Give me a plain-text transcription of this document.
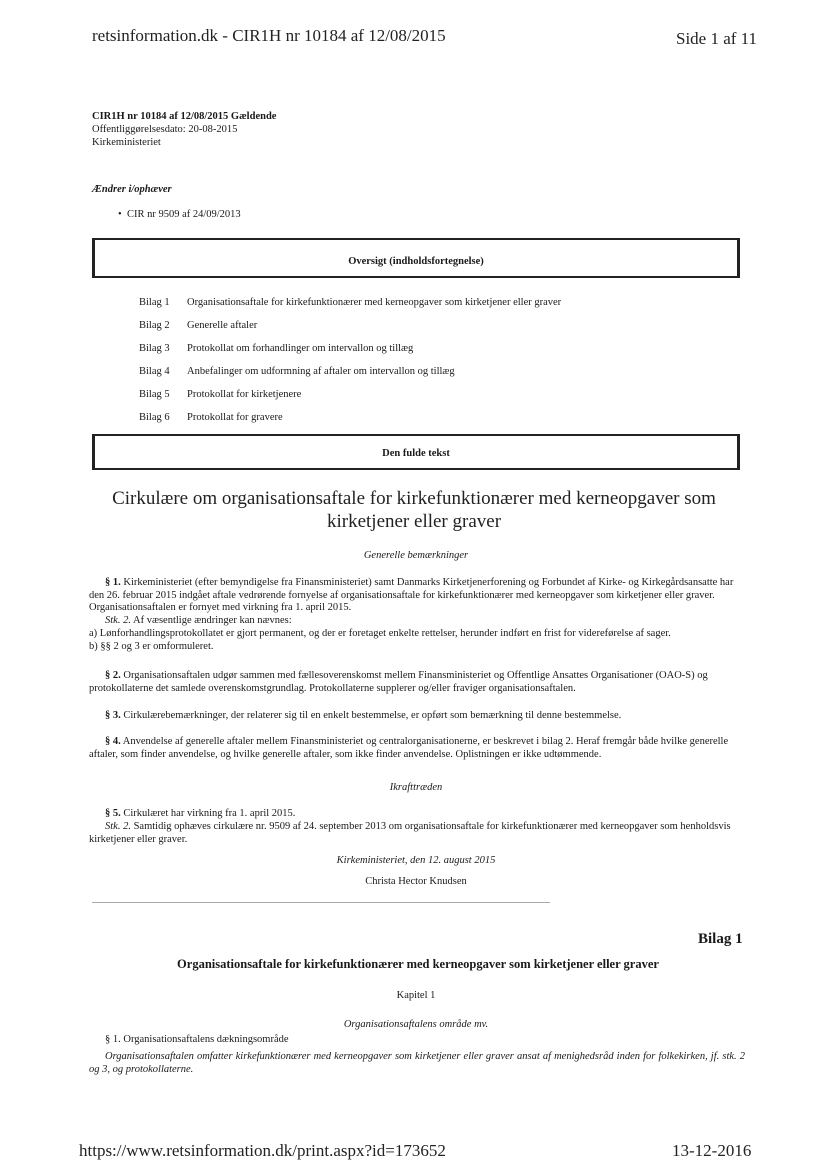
retsinformation.dk - CIR1H nr 10184 af 12/08/2015	Side 1 af 11
CIR1H nr 10184 af 12/08/2015 Gældende
Offentliggørelsesdato: 20-08-2015
Kirkeministeriet
Ændrer i/ophæver
• CIR nr 9509 af 24/09/2013
Oversigt (indholdsfortegnelse)
Bilag 1 Organisationsaftale for kirkefunktionærer med kerneopgaver som kirketjener eller graver
Bilag 2 Generelle aftaler
Bilag 3 Protokollat om forhandlinger om intervallon og tillæg
Bilag 4 Anbefalinger om udformning af aftaler om intervallon og tillæg
Bilag 5 Protokollat for kirketjenere
Bilag 6 Protokollat for gravere
Den fulde tekst
Cirkulære om organisationsaftale for kirkefunktionærer med kerneopgaver som kirketjener eller graver
Generelle bemærkninger
§ 1. Kirkeministeriet (efter bemyndigelse fra Finansministeriet) samt Danmarks Kirketjenerforening og Forbundet af Kirke- og Kirkegårdsansatte har den 26. februar 2015 indgået aftale vedrørende fornyelse af organisationsaftale for kirkefunktionærer med kerneopgaver som kirketjener eller graver. Organisationsaftalen er fornyet med virkning fra 1. april 2015.
Stk. 2. Af væsentlige ændringer kan nævnes:
a) Lønforhandlingsprotokollatet er gjort permanent, og der er foretaget enkelte rettelser, herunder indført en frist for videreførelse af sager.
b) §§ 2 og 3 er omformuleret.
§ 2. Organisationsaftalen udgør sammen med fællesoverenskomst mellem Finansministeriet og Offentlige Ansattes Organisationer (OAO-S) og protokollaterne det samlede overenskomstgrundlag. Protokollaterne supplerer og/eller fraviger organisationsaftalen.
§ 3. Cirkulærebemærkninger, der relaterer sig til en enkelt bestemmelse, er opført som bemærkning til denne bestemmelse.
§ 4. Anvendelse af generelle aftaler mellem Finansministeriet og centralorganisationerne, er beskrevet i bilag 2. Heraf fremgår både hvilke generelle aftaler, som finder anvendelse, og hvilke generelle aftaler, som ikke finder anvendelse. Oplistningen er ikke udtømmende.
Ikrafttræden
§ 5. Cirkulæret har virkning fra 1. april 2015.
Stk. 2. Samtidig ophæves cirkulære nr. 9509 af 24. september 2013 om organisationsaftale for kirkefunktionærer med kerneopgaver som henholdsvis kirketjener eller graver.
Kirkeministeriet, den 12. august 2015
Christa Hector Knudsen
Bilag 1
Organisationsaftale for kirkefunktionærer med kerneopgaver som kirketjener eller graver
Kapitel 1
Organisationsaftalens område mv.
§ 1. Organisationsaftalens dækningsområde
Organisationsaftalen omfatter kirkefunktionærer med kerneopgaver som kirketjener eller graver ansat af menighedsråd inden for folkekirken, jf. stk. 2 og 3, og protokollaterne.
https://www.retsinformation.dk/print.aspx?id=173652	13-12-2016
